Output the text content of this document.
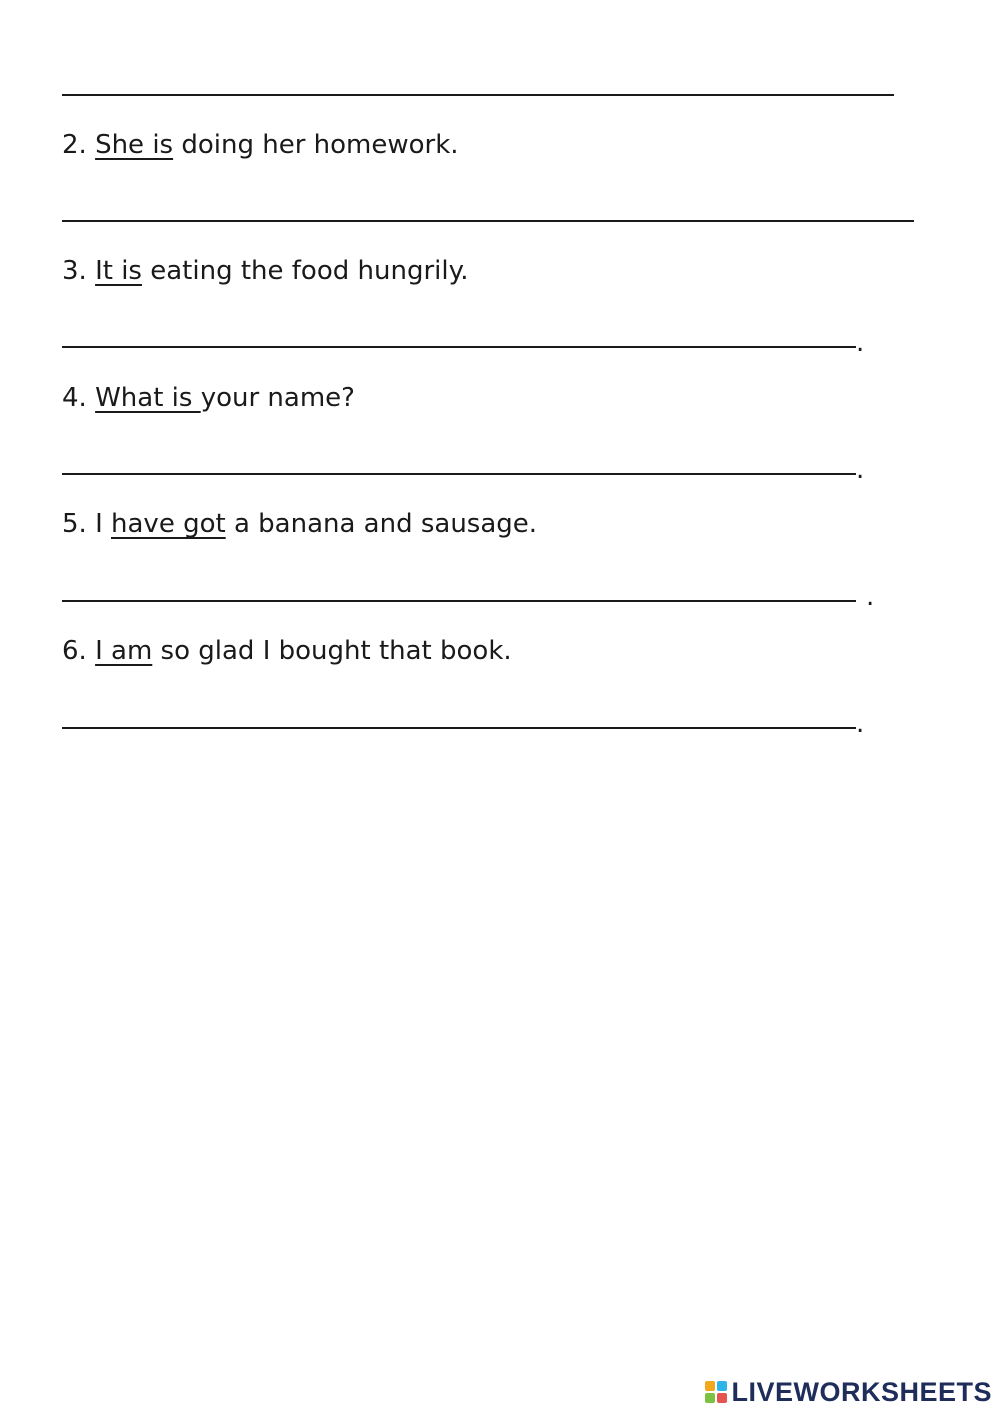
2. She is doing her homework.
3. It is eating the food hungrily.
.
4. What is your name?
.
5. I have got a banana and sausage.
.
6. I am so glad I bought that book.
.
LIVEWORKSHEETS
